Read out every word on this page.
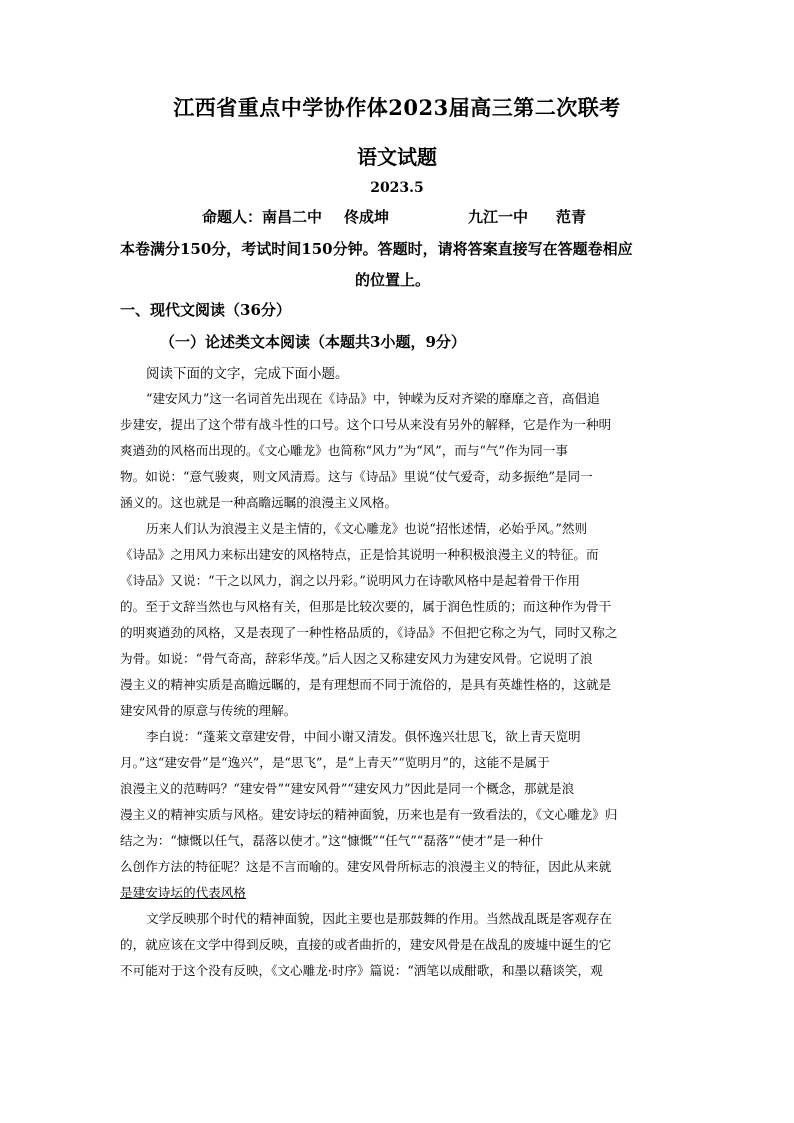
江西省重点中学协作体2023届高三第二次联考
语文试题
2023.5
命题人：南昌二中 佟成坤	九江一中 范青
本卷满分150分，考试时间150分钟。答题时，请将答案直接写在答题卷相应
的位置上。
一、现代文阅读（36分）
（一）论述类文本阅读（本题共3小题，9分）
阅读下面的文字，完成下面小题。
“建安风力”这一名词首先出现在《诗品》中，钟嵘为反对齐梁的靡靡之音，高倡追
步建安，提出了这个带有战斗性的口号。这个口号从来没有另外的解释，它是作为一种明
爽遒劲的风格而出现的。《文心雕龙》也简称“风力”为“风”，而与“气”作为同一事
物。如说：“意气骏爽，则文风清焉。这与《诗品》里说“仗气爱奇，动多振绝”是同一
涵义的。这也就是一种高瞻远瞩的浪漫主义风格。
历来人们认为浪漫主义是主情的，《文心雕龙》也说“招怅述情，必始乎风。”然则
《诗品》之用风力来标出建安的风格特点，正是恰其说明一种积极浪漫主义的特征。而
《诗品》又说：“干之以风力，润之以丹彩。”说明风力在诗歌风格中是起着骨干作用
的。至于文辞当然也与风格有关，但那是比较次要的，属于润色性质的；而这种作为骨干
的明爽遒劲的风格，又是表现了一种性格品质的，《诗品》不但把它称之为气，同时又称之
为骨。如说：“骨气奇高，辞彩华茂。”后人因之又称建安风力为建安风骨。它说明了浪
漫主义的精神实质是高瞻远瞩的，是有理想而不同于流俗的，是具有英雄性格的，这就是
建安风骨的原意与传统的理解。
李白说：“蓬莱文章建安骨，中间小谢又清发。俱怀逸兴壮思飞，欲上青天览明
月。”这“建安骨”是“逸兴”，是“思飞”，是“上青天”“览明月”的，这能不是属于
浪漫主义的范畴吗？“建安骨”“建安风骨”“建安风力”因此是同一个概念，那就是浪
漫主义的精神实质与风格。建安诗坛的精神面貌，历来也是有一致看法的，《文心雕龙》归
结之为：“慷慨以任气，磊落以使才。”这“慷慨”“任气”“磊落”“使才”是一种什
么创作方法的特征呢？这是不言而喻的。建安风骨所标志的浪漫主义的特征，因此从来就
是建安诗坛的代表风格
文学反映那个时代的精神面貌，因此主要也是那鼓舞的作用。当然战乱既是客观存在
的，就应该在文学中得到反映，直接的或者曲折的，建安风骨是在战乱的废墟中诞生的它
不可能对于这个没有反映，《文心雕龙·时序》篇说：“洒笔以成酣歌，和墨以藉谈笑，观
